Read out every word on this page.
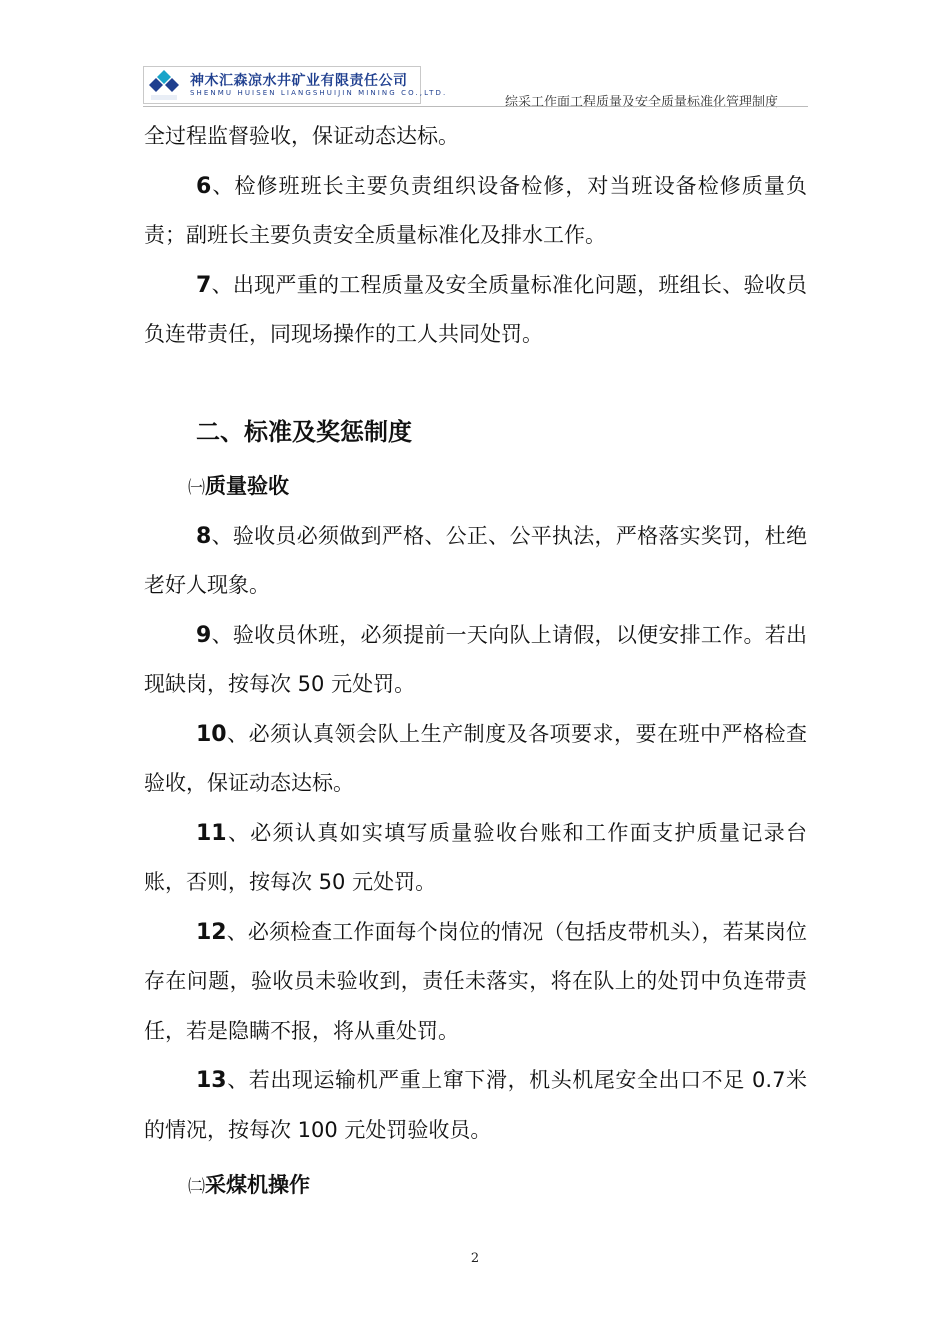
神木汇森凉水井矿业有限责任公司
SHENMU HUISEN LIANGSHUIJIN MINING CO.,LTD.
综采工作面工程质量及安全质量标准化管理制度

全过程监督验收，保证动态达标。

6、检修班班长主要负责组织设备检修，对当班设备检修质量负责；副班长主要负责安全质量标准化及排水工作。

7、出现严重的工程质量及安全质量标准化问题，班组长、验收员负连带责任，同现场操作的工人共同处罚。

二、标准及奖惩制度
㈠质量验收

8、验收员必须做到严格、公正、公平执法，严格落实奖罚，杜绝老好人现象。

9、验收员休班，必须提前一天向队上请假，以便安排工作。若出现缺岗，按每次 50 元处罚。

10、必须认真领会队上生产制度及各项要求，要在班中严格检查验收，保证动态达标。

11、必须认真如实填写质量验收台账和工作面支护质量记录台账，否则，按每次 50 元处罚。

12、必须检查工作面每个岗位的情况（包括皮带机头），若某岗位存在问题，验收员未验收到，责任未落实，将在队上的处罚中负连带责任，若是隐瞒不报，将从重处罚。

13、若出现运输机严重上窜下滑，机头机尾安全出口不足 0.7米的情况，按每次 100 元处罚验收员。

㈡采煤机操作
2
